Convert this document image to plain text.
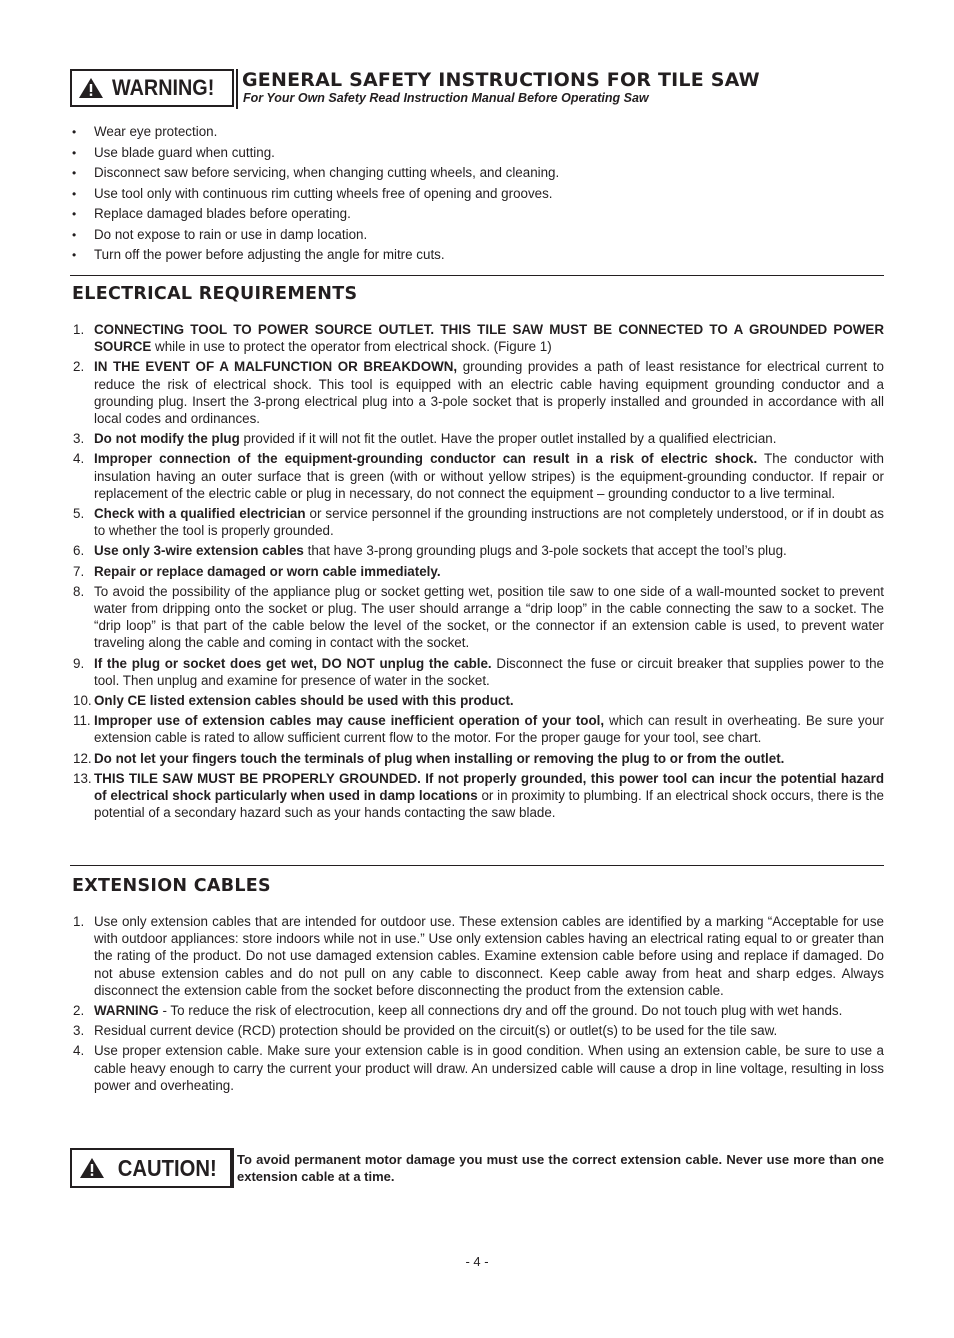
WARNING! GENERAL SAFETY INSTRUCTIONS FOR TILE SAW
For Your Own Safety Read Instruction Manual Before Operating Saw
• Wear eye protection.
• Use blade guard when cutting.
• Disconnect saw before servicing, when changing cutting wheels, and cleaning.
• Use tool only with continuous rim cutting wheels free of opening and grooves.
• Replace damaged blades before operating.
• Do not expose to rain or use in damp location.
• Turn off the power before adjusting the angle for mitre cuts.
ELECTRICAL REQUIREMENTS
1. CONNECTING TOOL TO POWER SOURCE OUTLET. THIS TILE SAW MUST BE CONNECTED TO A GROUNDED POWER SOURCE while in use to protect the operator from electrical shock. (Figure 1)
2. IN THE EVENT OF A MALFUNCTION OR BREAKDOWN, grounding provides a path of least resistance for electrical current to reduce the risk of electrical shock. This tool is equipped with an electric cable having equipment grounding conductor and a grounding plug. Insert the 3-prong electrical plug into a 3-pole socket that is properly installed and grounded in accordance with all local codes and ordinances.
3. Do not modify the plug provided if it will not fit the outlet. Have the proper outlet installed by a qualified electrician.
4. Improper connection of the equipment-grounding conductor can result in a risk of electric shock. The conductor with insulation having an outer surface that is green (with or without yellow stripes) is the equipment-grounding conductor. If repair or replacement of the electric cable or plug in necessary, do not connect the equipment – grounding conductor to a live terminal.
5. Check with a qualified electrician or service personnel if the grounding instructions are not completely understood, or if in doubt as to whether the tool is properly grounded.
6. Use only 3-wire extension cables that have 3-prong grounding plugs and 3-pole sockets that accept the tool’s plug.
7. Repair or replace damaged or worn cable immediately.
8. To avoid the possibility of the appliance plug or socket getting wet, position tile saw to one side of a wall-mounted socket to prevent water from dripping onto the socket or plug. The user should arrange a “drip loop” in the cable connecting the saw to a socket. The “drip loop” is that part of the cable below the level of the socket, or the connector if an extension cable is used, to prevent water traveling along the cable and coming in contact with the socket.
9. If the plug or socket does get wet, DO NOT unplug the cable. Disconnect the fuse or circuit breaker that supplies power to the tool. Then unplug and examine for presence of water in the socket.
10. Only CE listed extension cables should be used with this product.
11. Improper use of extension cables may cause inefficient operation of your tool, which can result in overheating. Be sure your extension cable is rated to allow sufficient current flow to the motor. For the proper gauge for your tool, see chart.
12. Do not let your fingers touch the terminals of plug when installing or removing the plug to or from the outlet.
13. THIS TILE SAW MUST BE PROPERLY GROUNDED. If not properly grounded, this power tool can incur the potential hazard of electrical shock particularly when used in damp locations or in proximity to plumbing. If an electrical shock occurs, there is the potential of a secondary hazard such as your hands contacting the saw blade.
EXTENSION CABLES
1. Use only extension cables that are intended for outdoor use. These extension cables are identified by a marking “Acceptable for use with outdoor appliances: store indoors while not in use.” Use only extension cables having an electrical rating equal to or greater than the rating of the product. Do not use damaged extension cables. Examine extension cable before using and replace if damaged. Do not abuse extension cables and do not pull on any cable to disconnect. Keep cable away from heat and sharp edges. Always disconnect the extension cable from the socket before disconnecting the product from the extension cable.
2. WARNING - To reduce the risk of electrocution, keep all connections dry and off the ground. Do not touch plug with wet hands.
3. Residual current device (RCD) protection should be provided on the circuit(s) or outlet(s) to be used for the tile saw.
4. Use proper extension cable. Make sure your extension cable is in good condition. When using an extension cable, be sure to use a cable heavy enough to carry the current your product will draw. An undersized cable will cause a drop in line voltage, resulting in loss power and overheating.
CAUTION! To avoid permanent motor damage you must use the correct extension cable. Never use more than one extension cable at a time.
- 4 -
